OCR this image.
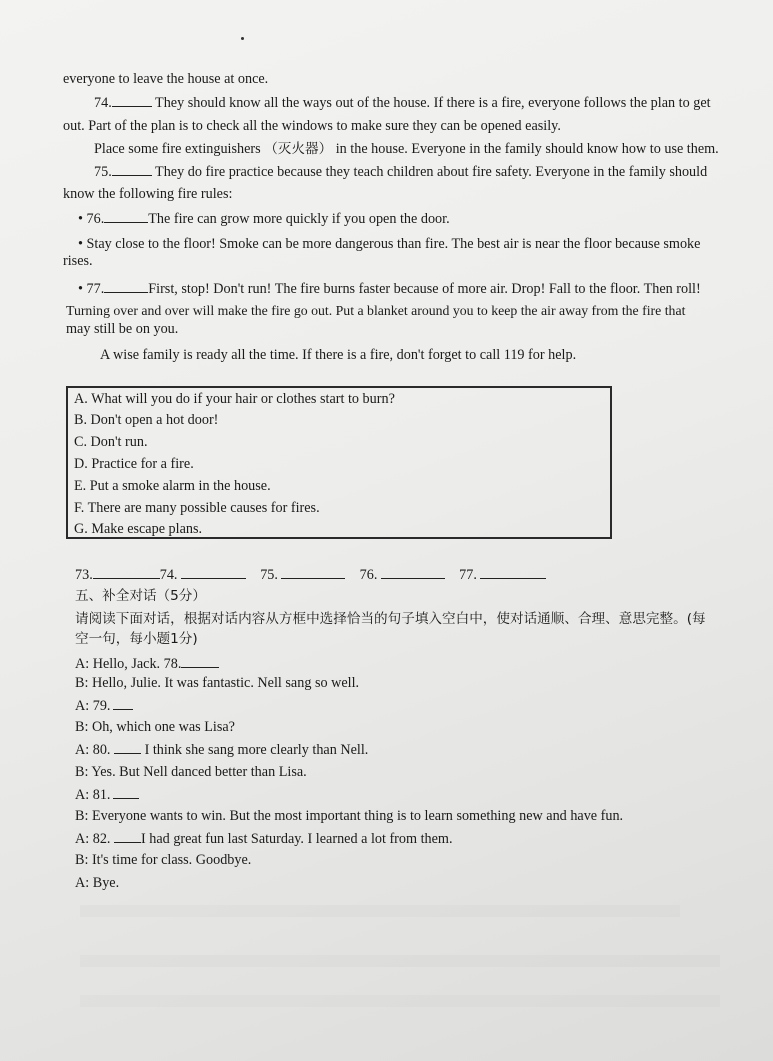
everyone to leave the house at once.
74.	They should know all the ways out of the house. If there is a fire, everyone follows the plan to get
out. Part of the plan is to check all the windows to make sure they can be opened easily.
Place some fire extinguishers （灭火器） in the house. Everyone in the family should know how to use them.
75.	They do fire practice because they teach children about fire safety. Everyone in the family should
know the following fire rules:
• 76.	The fire can grow more quickly if you open the door.
• Stay close to the floor! Smoke can be more dangerous than fire. The best air is near the floor because smoke
rises.
• 77.	First, stop! Don't run! The fire burns faster because of more air. Drop! Fall to the floor. Then roll!
Turning over and over will make the fire go out. Put a blanket around you to keep the air away from the fire that
may still be on you.
A wise family is ready all the time. If there is a fire, don't forget to call 119 for help.
A. What will you do if your hair or clothes start to burn?
B. Don't open a hot door!
C. Don't run.
D. Practice for a fire.
E. Put a smoke alarm in the house.
F. There are many possible causes for fires.
G. Make escape plans.
73.	74.	75.	76.	77.
五、补全对话（5分）
请阅读下面对话，根据对话内容从方框中选择恰当的句子填入空白中，使对话通顺、合理、意思完整。(每
空一句，每小题1分)
A: Hello, Jack. 78.
B: Hello, Julie. It was fantastic. Nell sang so well.
A: 79.
B: Oh, which one was Lisa?
A: 80.  I think she sang more clearly than Nell.
B: Yes. But Nell danced better than Lisa.
A: 81.
B: Everyone wants to win. But the most important thing is to learn something new and have fun.
A: 82. I had great fun last Saturday. I learned a lot from them.
B: It's time for class. Goodbye.
A: Bye.
